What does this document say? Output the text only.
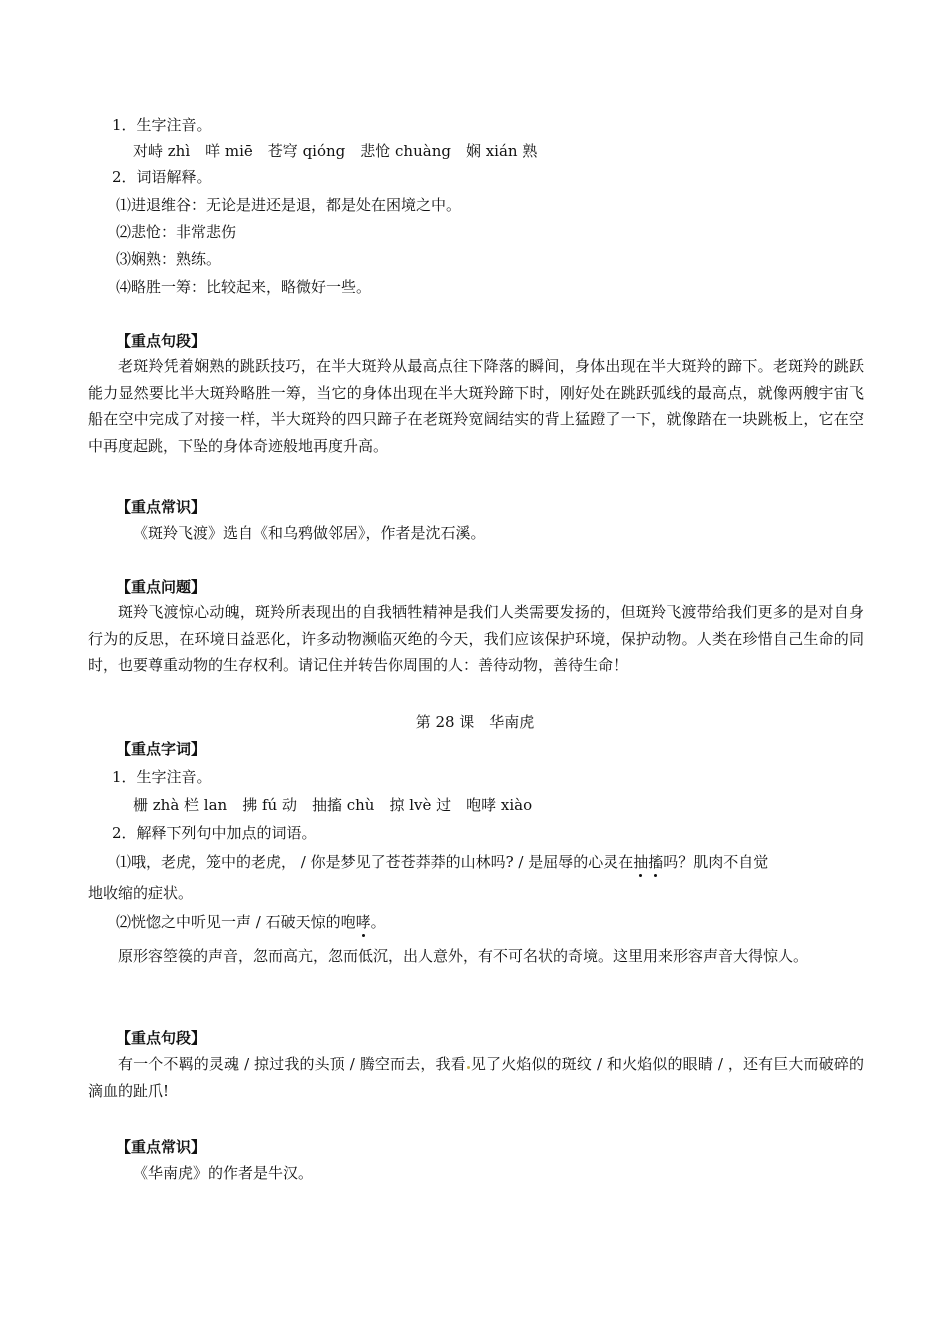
1．生字注音。
对峙 zhì　咩 miē　苍穹 qióng　悲怆 chuàng　娴 xián 熟
2．词语解释。
⑴进退维谷：无论是进还是退，都是处在困境之中。
⑵悲怆：非常悲伤
⑶娴熟：熟练。
⑷略胜一筹：比较起来，略微好一些。
【重点句段】
老斑羚凭着娴熟的跳跃技巧，在半大斑羚从最高点往下降落的瞬间，身体出现在半大斑羚的蹄下。老斑羚的跳跃能力显然要比半大斑羚略胜一筹，当它的身体出现在半大斑羚蹄下时，刚好处在跳跃弧线的最高点，就像两艘宇宙飞船在空中完成了对接一样，半大斑羚的四只蹄子在老斑羚宽阔结实的背上猛蹬了一下，就像踏在一块跳板上，它在空中再度起跳，下坠的身体奇迹般地再度升高。
【重点常识】
《斑羚飞渡》选自《和乌鸦做邻居》，作者是沈石溪。
【重点问题】
斑羚飞渡惊心动魄，斑羚所表现出的自我牺牲精神是我们人类需要发扬的，但斑羚飞渡带给我们更多的是对自身行为的反思，在环境日益恶化，许多动物濒临灭绝的今天，我们应该保护环境，保护动物。人类在珍惜自己生命的同时，也要尊重动物的生存权利。请记住并转告你周围的人：善待动物，善待生命！
第 28 课　华南虎
【重点字词】
1．生字注音。
栅 zhà 栏 lan　拂 fú 动　抽搐 chù　掠 lvè 过　咆哮 xiào
2．解释下列句中加点的词语。
⑴哦，老虎，笼中的老虎， / 你是梦见了苍苍莽莽的山林吗? / 是屈辱的心灵在抽搐吗？肌肉不自觉
地收缩的症状。
⑵恍惚之中听见一声 / 石破天惊的咆哮。
原形容箜篌的声音，忽而高亢，忽而低沉，出人意外，有不可名状的奇境。这里用来形容声音大得惊人。
【重点句段】
有一个不羁的灵魂 / 掠过我的头顶 / 腾空而去，我看 见了火焰似的斑纹 / 和火焰似的眼睛 / ，还有巨大而破碎的滴血的趾爪!
【重点常识】
《华南虎》的作者是牛汉。
